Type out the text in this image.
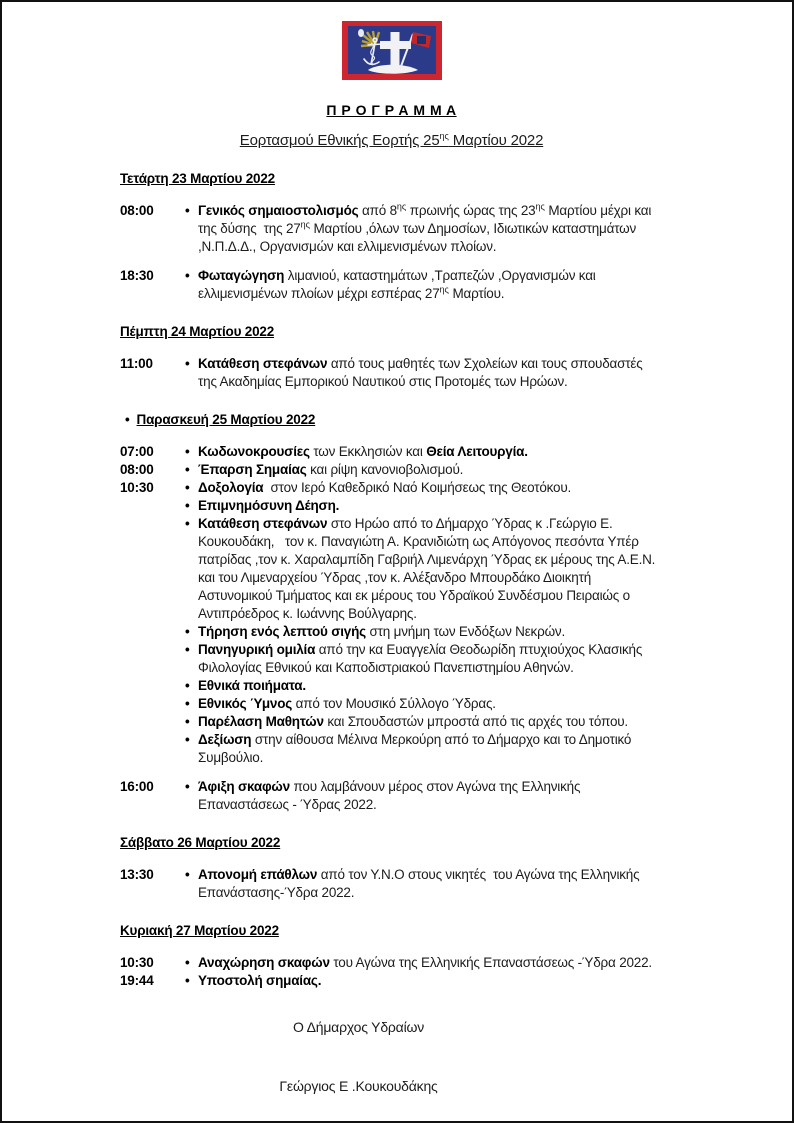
Π Ρ Ο Γ Ρ Α Μ Μ Α
Εορτασμού Εθνικής Εορτής $25^{\eta\varsigma}$ Μαρτίου 2022
Τετάρτη 23 Μαρτίου 2022
08:00	• Γενικός σημαιοστολισμός από $8^{\eta\varsigma}$ πρωινής ώρας της $23^{\eta\varsigma}$ Μαρτίου μέχρι και της δύσης  της $27^{\eta\varsigma}$ Μαρτίου ,όλων των Δημοσίων, Ιδιωτικών καταστημάτων ,Ν.Π.Δ.Δ., Οργανισμών και ελλιμενισμένων πλοίων.
18:30	• Φωταγώγηση λιμανιού, καταστημάτων ,Τραπεζών ,Οργανισμών και ελλιμενισμένων πλοίων μέχρι εσπέρας $27^{\eta\varsigma}$ Μαρτίου.
Πέμπτη 24 Μαρτίου 2022
11:00	• Κατάθεση στεφάνων από τους μαθητές των Σχολείων και τους σπουδαστές της Ακαδημίας Εμπορικού Ναυτικού στις Προτομές των Ηρώων.
• Παρασκευή 25 Μαρτίου 2022
07:00	• Κωδωνοκρουσίες των Εκκλησιών και Θεία Λειτουργία.
08:00	• Έπαρση Σημαίας και ρίψη κανονιοβολισμού.
10:30	• Δοξολογία  στον Ιερό Καθεδρικό Ναό Κοιμήσεως της Θεοτόκου.
• Επιμνημόσυνη Δέηση.
• Κατάθεση στεφάνων στο Ηρώο από το Δήμαρχο Ύδρας κ .Γεώργιο Ε. Κουκουδάκη,   τον κ. Παναγιώτη Α. Κρανιδιώτη ως Απόγονος πεσόντα Υπέρ πατρίδας ,τον κ. Χαραλαμπίδη Γαβριήλ Λιμενάρχη Ύδρας εκ μέρους της Α.Ε.Ν. και του Λιμεναρχείου Ύδρας ,τον κ. Αλέξανδρο Μπουρδάκο Διοικητή Αστυνομικού Τμήματος και εκ μέρους του Υδραϊκού Συνδέσμου Πειραιώς ο Αντιπρόεδρος κ. Ιωάννης Βούλγαρης.
• Τήρηση ενός λεπτού σιγής στη μνήμη των Ενδόξων Νεκρών.
• Πανηγυρική ομιλία από την κα Ευαγγελία Θεοδωρίδη πτυχιούχος Κλασικής Φιλολογίας Εθνικού και Καποδιστριακού Πανεπιστημίου Αθηνών.
• Εθνικά ποιήματα.
• Εθνικός Ύμνος από τον Μουσικό Σύλλογο Ύδρας.
• Παρέλαση Μαθητών και Σπουδαστών μπροστά από τις αρχές του τόπου.
• Δεξίωση στην αίθουσα Μέλινα Μερκούρη από το Δήμαρχο και το Δημοτικό Συμβούλιο.
16:00	• Άφιξη σκαφών που λαμβάνουν μέρος στον Αγώνα της Ελληνικής Επαναστάσεως - Ύδρας 2022.
Σάββατο 26 Μαρτίου 2022
13:30	• Απονομή επάθλων από τον Υ.Ν.Ο στους νικητές  του Αγώνα της Ελληνικής Επανάστασης-Ύδρα 2022.
Κυριακή 27 Μαρτίου 2022
10:30	• Αναχώρηση σκαφών του Αγώνα της Ελληνικής Επαναστάσεως -Ύδρα 2022.
19:44	• Υποστολή σημαίας.
Ο Δήμαρχος Υδραίων
Γεώργιος Ε .Κουκουδάκης
